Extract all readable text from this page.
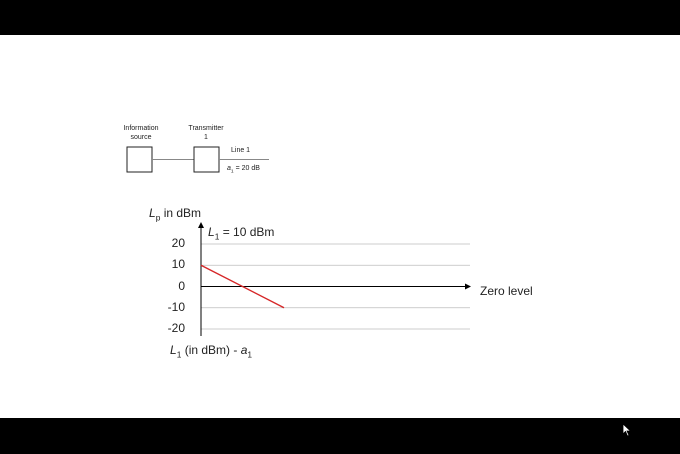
Information
source
Transmitter
1
Line 1
$a_1 = 20$ dB
$L_p$ in dBm
$L_1 = 10$ dBm
Zero level
$L_1$ (in $dBm) - a_1$
20
10
0
-10
-20
